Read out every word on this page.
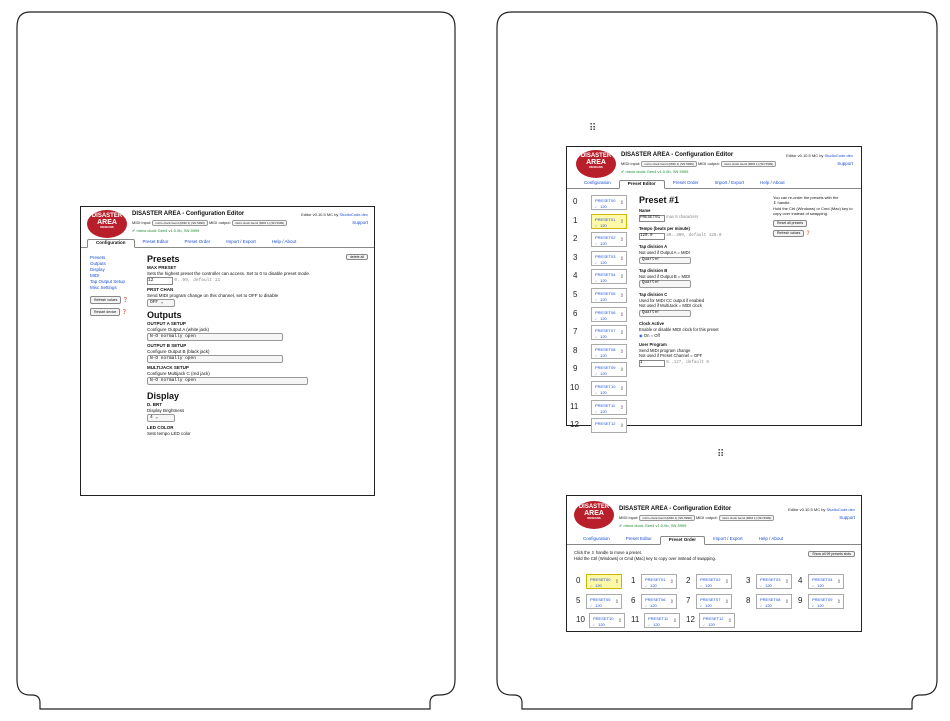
⠿
⠿
DISASTER
AREA
DESIGNS
DISASTER AREA - Configuration Editor	Editor v0.10.5 MC by StudioCode.dev
MIDI input: micro.clock Gen4 (MIDI 1) (SN 5999) MIDI output: micro.clock Gen4 (MIDI 1) (SN 5999)	Support
✔ micro.clock Gen4 v1.0.0b, SN 5999
Configuration	Preset Editor	Preset Order	Import / Export	Help / About
Presets
Outputs
Display
MIDI
Tap Output Setup
Misc Settings
Refresh values ❓
Restart device ❓
delete all
Presets
MAX PRESET
Sets the highest preset the controller can access. Set to 0 to disable preset mode.
12	0..99, default 11
PRST CHAN
Send MIDI program change on this channel, set to OFF to disable
OFF ⌄
Outputs
OUTPUT A SETUP
Configure Output A (white jack)
N-O normally open
OUTPUT B SETUP
Configure Output B (black jack)
N-O normally open
MULTIJACK SETUP
Configure Multijack C (red jack)
N-O normally open
Display
D. BRT
Display Brightness
4 ⌄
LED COLOR
Sets tempo LED color
DISASTER
AREA
DESIGNS
DISASTER AREA - Configuration Editor	Editor v0.10.5 MC by StudioCode.dev
MIDI input: micro.clock Gen4 (MIDI 1) (SN 5999) MIDI output: micro.clock Gen4 (MIDI 1) (SN 5999)	Support
✔ micro.clock Gen4 v1.0.0b, SN 5999
Configuration	Preset Editor	Preset Order	Import / Export	Help / About
0	PRESET00
♩ 120
⇕
1	PRESET01
♩ 120
⇕
2	PRESET02
♩ 120
⇕
3	PRESET03
♩ 120
⇕
4	PRESET04
♩ 120
⇕
5	PRESET05
♩ 120
⇕
6	PRESET06
♩ 120
⇕
7	PRESET07
♩ 120
⇕
8	PRESET08
♩ 120
⇕
9	PRESET09
♩ 120
⇕
10	PRESET10
♩ 120
⇕
11	PRESET11
♩ 120
⇕
12	PRESET12 ⇕
Preset #1
Name
PRESET01 max 8 characters
Tempo (beats per minute)
120.0	30..300, default 120.0
Tap division A
Not used if Output A = MIDI
Quarter
Tap division B
Not used if Output B = MIDI
Quarter
Tap division C
Used for MIDI CC output if enabled
Not used if MultiJack = MIDI clock
Quarter
Clock Active
Enable or disable MIDI clock for this preset
◉ On ○ Off
User Program
Send MIDI program change
Not used if Preset Channel = OFF
1	0..127, default 0
You can re-order the presets with the
⇕ handle.
Hold the Ctrl (Windows) or Cmd (Mac) key to copy over instead of swapping.
Reset all presets
Refresh values ❓
DISASTER
AREA
DESIGNS
DISASTER AREA - Configuration Editor	Editor v0.10.5 MC by StudioCode.dev
MIDI input: micro.clock Gen4 (MIDI 1) (SN 5999) MIDI output: micro.clock Gen4 (MIDI 1) (SN 5999)	Support
✔ micro.clock Gen4 v1.0.0b, SN 5999
Configuration	Preset Editor	Preset Order	Import / Export	Help / About
Click the ⇕ handle to move a preset.
Hold the Ctrl (Windows) or Cmd (Mac) key to copy over instead of swapping.
Show all 99 presets slots
0 PRESET00
♩ 120
⇕ 1 PRESET01
♩ 120
⇕ 2 PRESET02
♩ 120
⇕ 3 PRESET03
♩ 120
⇕ 4 PRESET04
♩ 120
⇕
5 PRESET05
♩ 120
⇕ 6 PRESET06
♩ 120
⇕ 7 PRESET07
♩ 120
⇕ 8 PRESET08
♩ 120
⇕ 9 PRESET09
♩ 120
⇕
10 PRESET10
♩ 120
⇕ 11 PRESET11
♩ 120
⇕ 12 PRESET12
♩ 120
⇕
